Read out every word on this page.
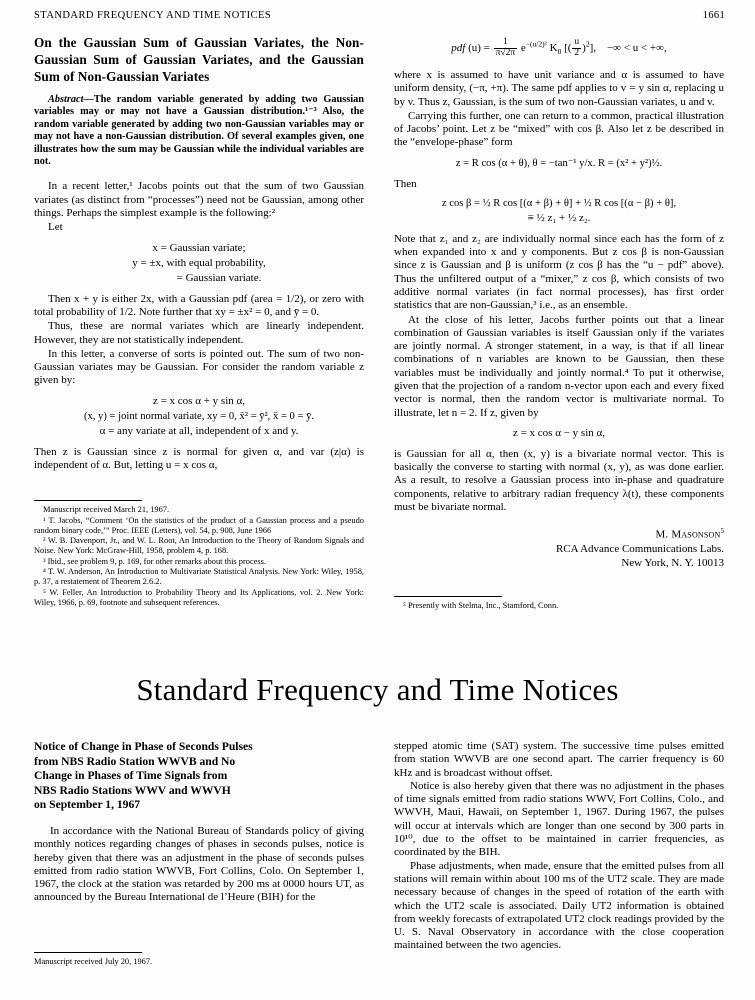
STANDARD FREQUENCY AND TIME NOTICES	1661
On the Gaussian Sum of Gaussian Variates, the Non-Gaussian Sum of Gaussian Variates, and the Gaussian Sum of Non-Gaussian Variates

Abstract—The random variable generated by adding two Gaussian variables may or may not have a Gaussian distribution.¹⁻³ Also, the random variable generated by adding two non-Gaussian variables may or may not have a non-Gaussian distribution. Of several examples given, one illustrates how the sum may be Gaussian while the individual variables are not.

In a recent letter,¹ Jacobs points out that the sum of two Gaussian variates (as distinct from “processes”) need not be Gaussian, among other things. Perhaps the simplest example is the following:²

Let

x = Gaussian variate;
y = ±x, with equal probability,
= Gaussian variate.

Then x + y is either 2x, with a Gaussian pdf (area = 1/2), or zero with total probability of 1/2. Note further that xy = ±x² = 0, and ȳ = 0.

Thus, these are normal variates which are linearly independent. However, they are not statistically independent.

In this letter, a converse of sorts is pointed out. The sum of two non-Gaussian variates may be Gaussian. For consider the random variable z given by:

z = x cos α + y sin α,
(x, y) = joint normal variate, xy = 0, x̄² = ȳ², x̄ = 0 = ȳ.
α = any variate at all, independent of x and y.

Then z is Gaussian since z is normal for given α, and var (z|α) is independent of α. But, letting u = x cos α,

Manuscript received March 21, 1967.

¹ T. Jacobs, “Comment ‘On the statistics of the product of a Gaussian process and a pseudo random binary code,’” Proc. IEEE (Letters), vol. 54, p. 908, June 1966

² W. B. Davenport, Jr., and W. L. Root, An Introduction to the Theory of Random Signals and Noise. New York: McGraw-Hill, 1958, problem 4, p. 168.

³ Ibid., see problem 9, p. 169, for other remarks about this process.

⁴ T. W. Anderson, An Introduction to Multivariate Statistical Analysis. New York: Wiley, 1958, p. 37, a restatement of Theorem 2.6.2.

⁵ W. Feller, An Introduction to Probability Theory and Its Applications, vol. 2. New York: Wiley, 1966, p. 69, footnote and subsequent references.

pdf $(u) = \frac{1}{\pi√2\pi} e^{-(u/2)^2}$ $K_0$ [( $\frac{u}{2} )^2$],    −∞ < u < +∞,

where x is assumed to have unit variance and α is assumed to have uniform density, (−π, +π). The same pdf applies to v = y sin α, replacing u by v. Thus z, Gaussian, is the sum of two non-Gaussian variates, u and v.

Carrying this further, one can return to a common, practical illustration of Jacobs’ point. Let z be “mixed” with cos β. Also let z be described in the “envelope-phase” form

z = R cos (α + θ), θ = −tan⁻¹ y/x. R = (x² + y²)½.
Then
z cos β = ½ R cos [(α + β) + θ] + ½ R cos [(α − β) + θ],
≡ ½ z₁ + ½ z₂.

Note that z₁ and z₂ are individually normal since each has the form of z when expanded into x and y components. But z cos β is non-Gaussian since z is Gaussian and β is uniform (z cos β has the “u − pdf” above). Thus the unfiltered output of a “mixer,” z cos β, which consists of two additive normal variates (in fact normal processes), has first order statistics that are non-Gaussian,³ i.e., as an ensemble.

At the close of his letter, Jacobs further points out that a linear combination of Gaussian variables is itself Gaussian only if the variates are jointly normal. A stronger statement, in a way, is that if all linear combinations of n variables are known to be Gaussian, then these variables must be individually and jointly normal.⁴ To put it otherwise, given that the projection of a random n-vector upon each and every fixed vector is normal, then the random vector is multivariate normal. To illustrate, let n = 2. If z, given by

z = x cos α − y sin α,

is Gaussian for all α, then (x, y) is a bivariate normal vector. This is basically the converse to starting with normal (x, y), as was done earlier. As a result, to resolve a Gaussian process into in-phase and quadrature components, relative to arbitrary radian frequency λ(t), these components must be bivariate normal.

M. Masonson$^5$
RCA Advance Communications Labs.
New York, N. Y. 10013

⁵ Presently with Stelma, Inc., Stamford, Conn.

Standard Frequency and Time Notices
Notice of Change in Phase of Seconds Pulses
from NBS Radio Station WWVB and No
Change in Phases of Time Signals from
NBS Radio Stations WWV and WWVH
on September 1, 1967

In accordance with the National Bureau of Standards policy of giving monthly notices regarding changes of phases in seconds pulses, notice is hereby given that there was an adjustment in the phase of seconds pulses emitted from radio station WWVB, Fort Collins, Colo. On September 1, 1967, the clock at the station was retarded by 200 ms at 0000 hours UT, as announced by the Bureau International de l’Heure (BIH) for the

Manuscript received July 20, 1967.

stepped atomic time (SAT) system. The successive time pulses emitted from station WWVB are one second apart. The carrier frequency is 60 kHz and is broadcast without offset.

Notice is also hereby given that there was no adjustment in the phases of time signals emitted from radio stations WWV, Fort Collins, Colo., and WWVH, Maui, Hawaii, on September 1, 1967. During 1967, the pulses will occur at intervals which are longer than one second by 300 parts in 10¹⁰, due to the offset to be maintained in carrier frequencies, as coordinated by the BIH.

Phase adjustments, when made, ensure that the emitted pulses from all stations will remain within about 100 ms of the UT2 scale. They are made necessary because of changes in the speed of rotation of the earth with which the UT2 scale is associated. Daily UT2 information is obtained from weekly forecasts of extrapolated UT2 clock readings provided by the U. S. Naval Observatory in accordance with the close cooperation maintained between the two agencies.
